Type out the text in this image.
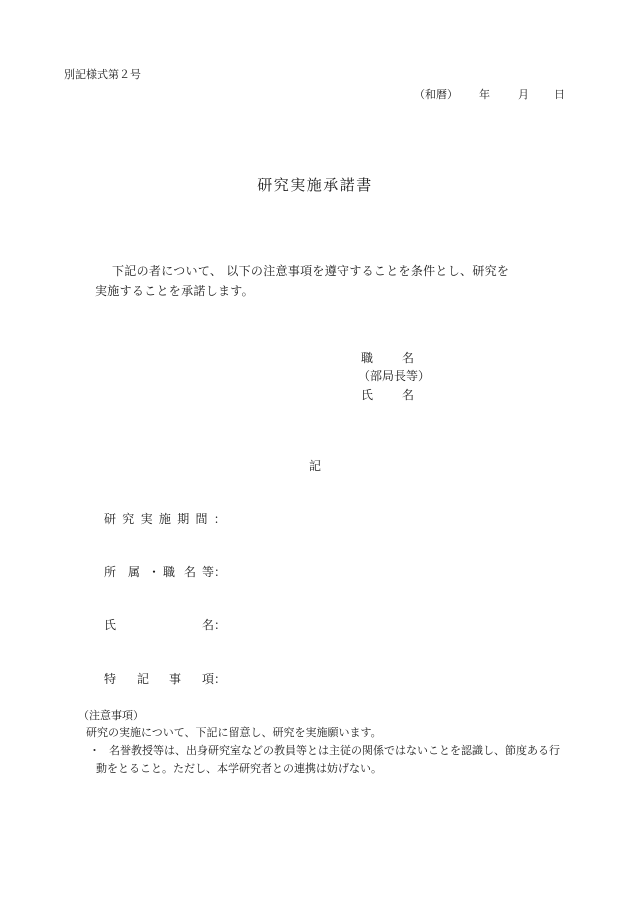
別記様式第２号
（和暦） 年	月 日
研究実施承諾書
下記の者について、 以下の注意事項を遵守することを条件とし、研究を
実施することを承諾します。
職 名
（部局長等）
氏 名
記
研究実施期間：
所 属 ・ 職 名 等：
氏	名：
特 記 事 項：
（注意事項）
研究の実施について、下記に留意し、研究を実施願います。
・ 名誉教授等は、出身研究室などの教員等とは主従の関係ではないことを認識し、節度ある行
動をとること。ただし、本学研究者との連携は妨げない。
